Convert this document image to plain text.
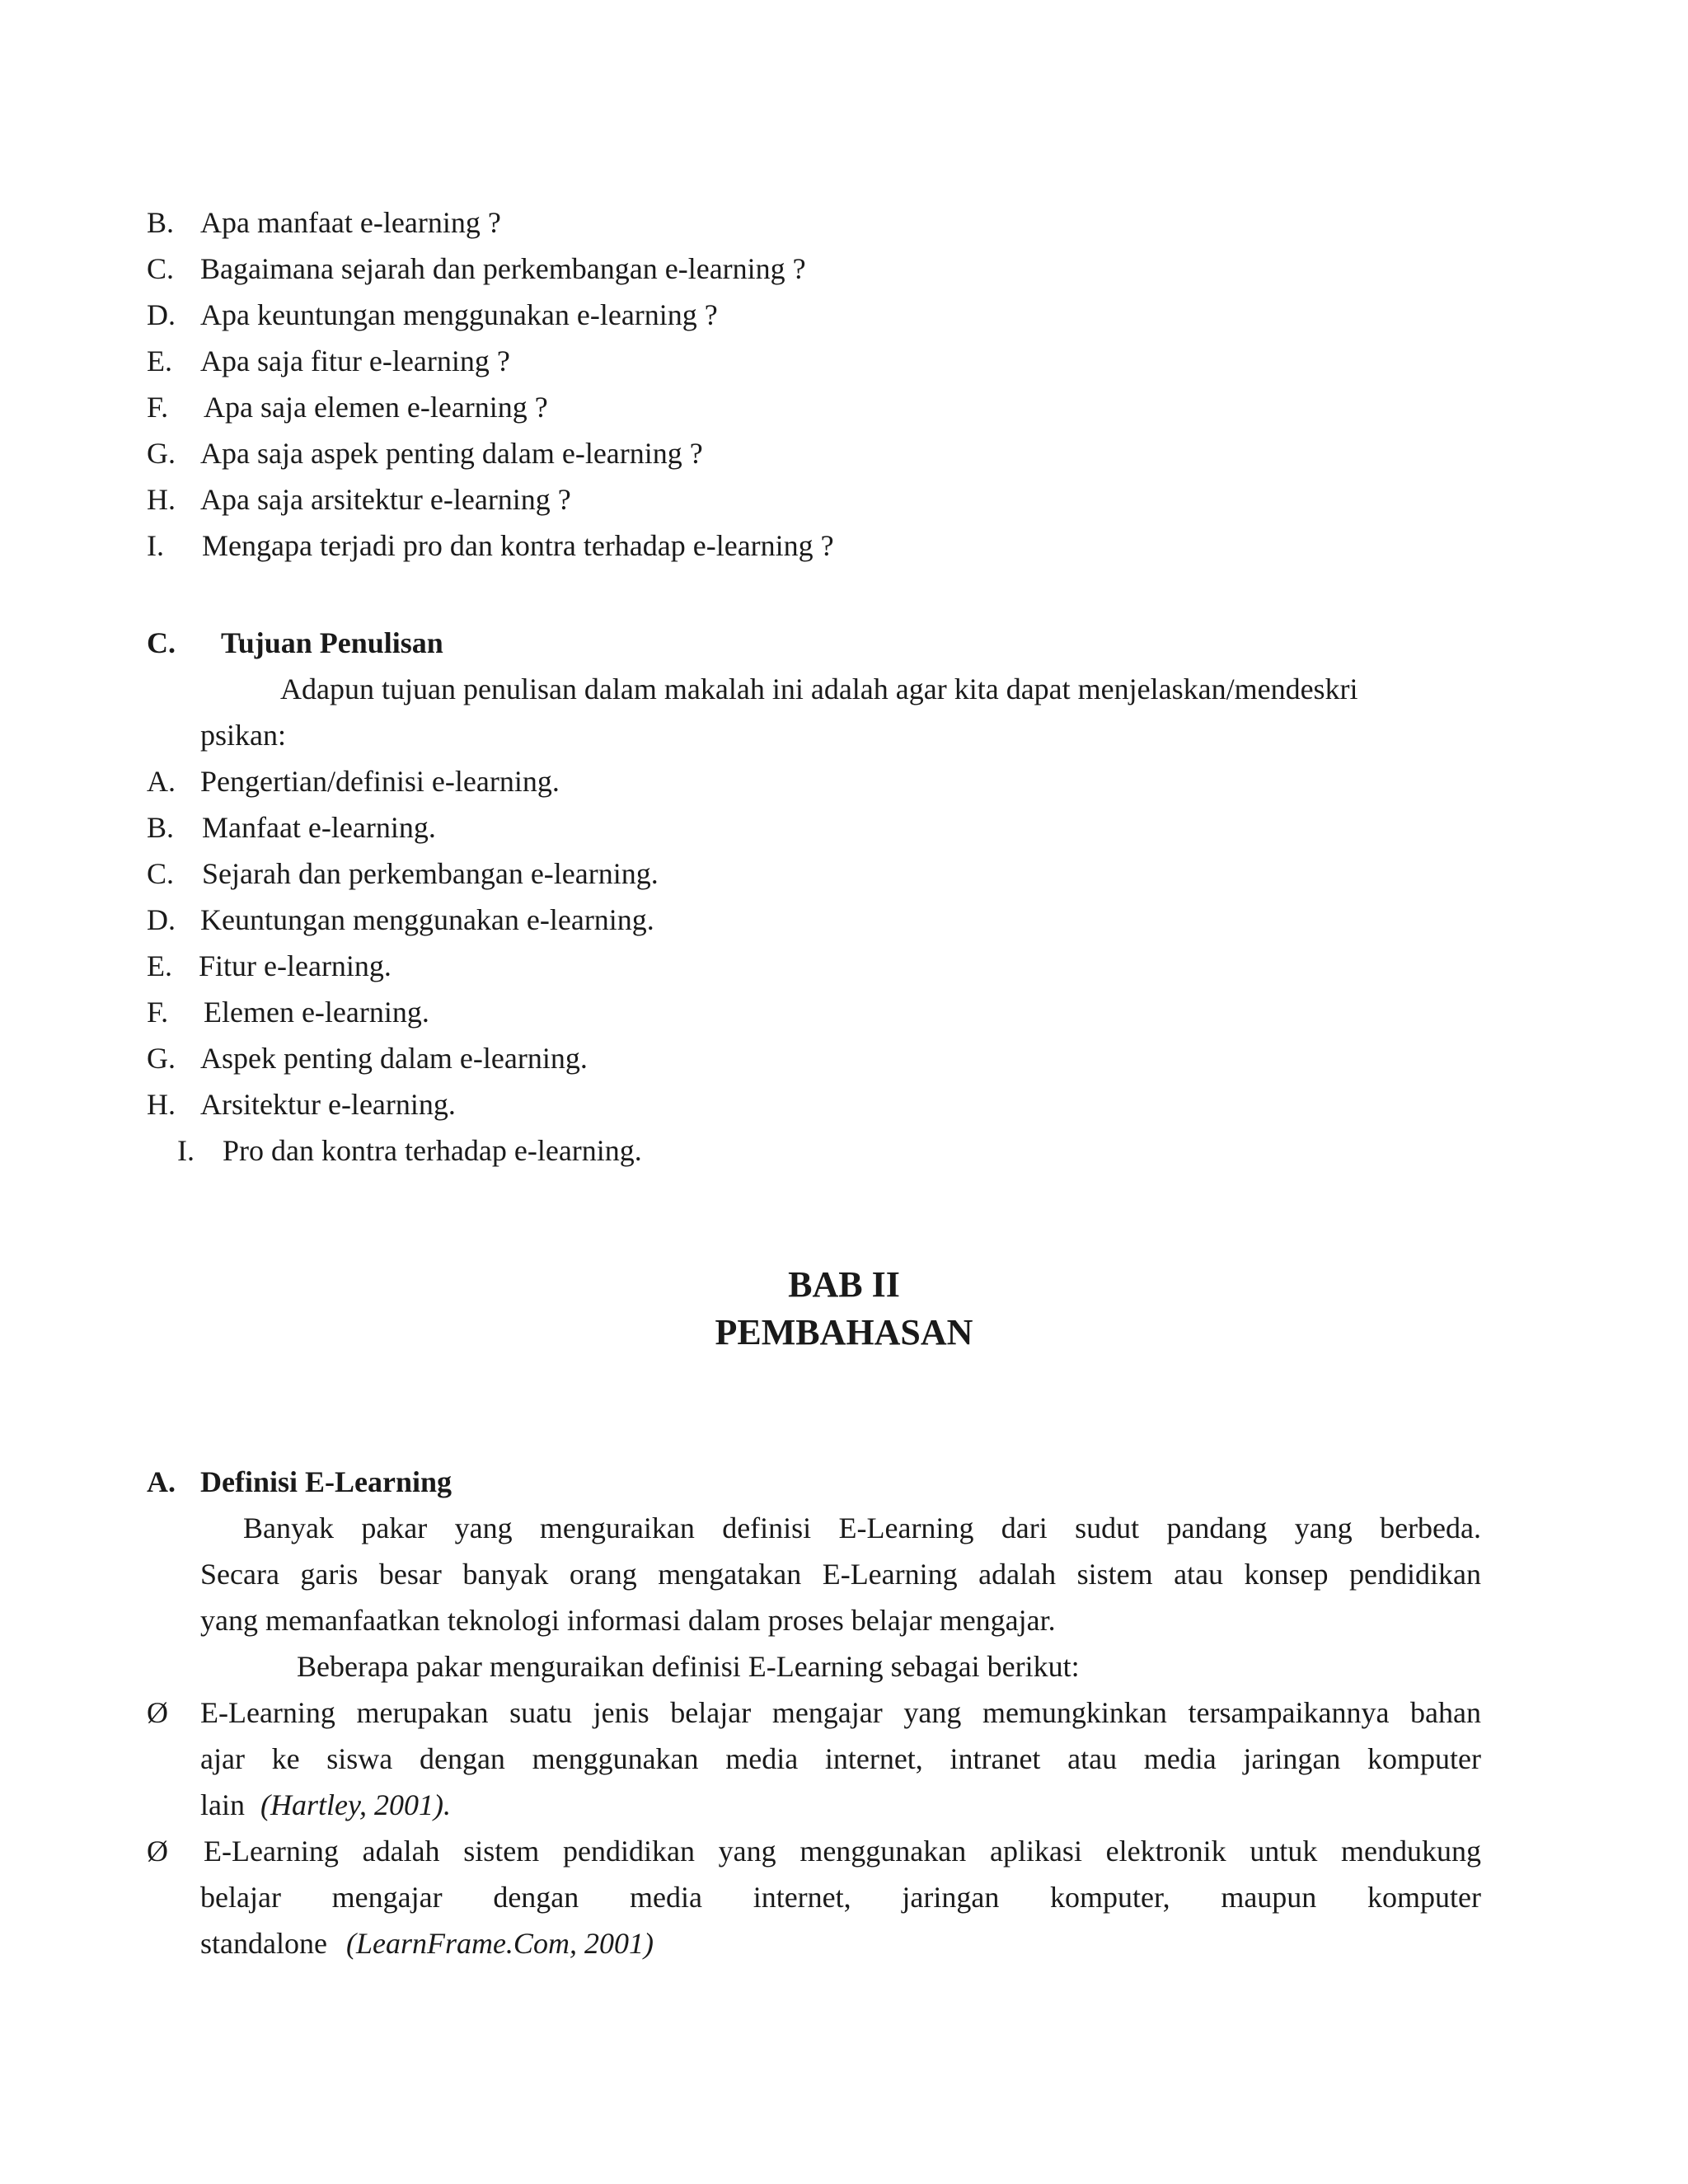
B. Apa manfaat e-learning ?
C. Bagaimana sejarah dan perkembangan e-learning ?
D. Apa keuntungan menggunakan e-learning ?
E. Apa saja fitur e-learning ?
F. Apa saja elemen e-learning ?
G. Apa saja aspek penting dalam e-learning ?
H. Apa saja arsitektur e-learning ?
I. Mengapa terjadi pro dan kontra terhadap e-learning ?
C. Tujuan Penulisan
Adapun tujuan penulisan dalam makalah ini adalah agar kita dapat menjelaskan/mendeskri
psikan:
A. Pengertian/definisi e-learning.
B. Manfaat e-learning.
C. Sejarah dan perkembangan e-learning.
D. Keuntungan menggunakan e-learning.
E. Fitur e-learning.
F. Elemen e-learning.
G. Aspek penting dalam e-learning.
H. Arsitektur e-learning.
I. Pro dan kontra terhadap e-learning.
BAB II
PEMBAHASAN
A. Definisi E-Learning
Banyak pakar yang menguraikan definisi E-Learning dari sudut pandang yang berbeda.
Secara garis besar banyak orang mengatakan E-Learning adalah sistem atau konsep pendidikan
yang memanfaatkan teknologi informasi dalam proses belajar mengajar.
Beberapa pakar menguraikan definisi E-Learning sebagai berikut:
Ø E-Learning merupakan suatu jenis belajar mengajar yang memungkinkan tersampaikannya bahan
ajar ke siswa dengan menggunakan media internet, intranet atau media jaringan komputer
lain (Hartley, 2001).
Ø E-Learning adalah sistem pendidikan yang menggunakan aplikasi elektronik untuk mendukung
belajar mengajar dengan media internet, jaringan komputer, maupun komputer
standalone (LearnFrame.Com, 2001)
